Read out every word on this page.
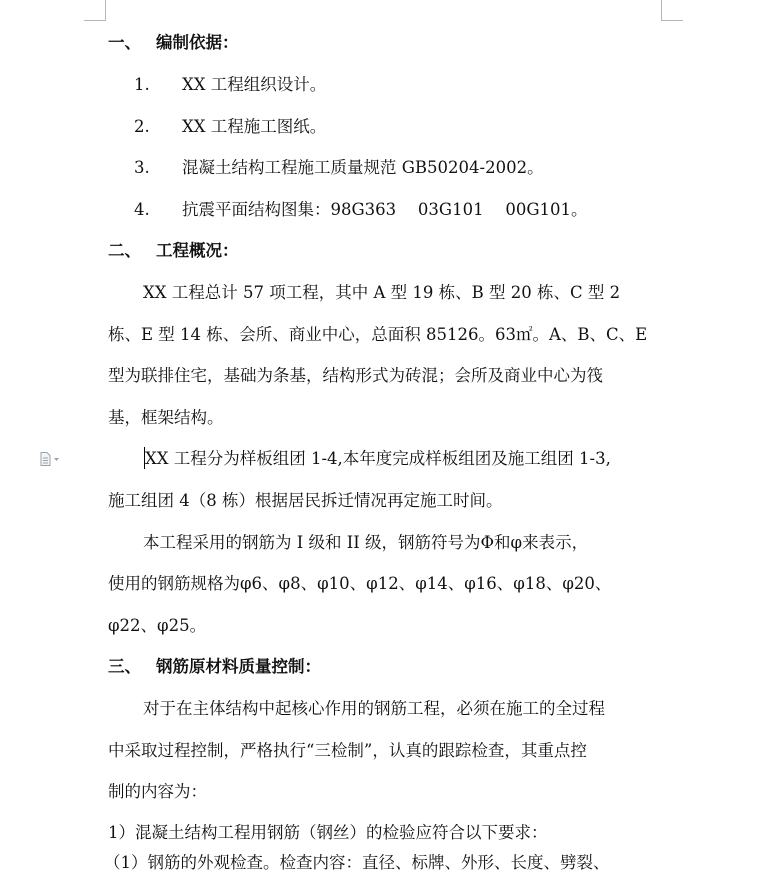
一、 编制依据：
1. XX 工程组织设计。
2. XX 工程施工图纸。
3. 混凝土结构工程施工质量规范 GB50204-2002。
4. 抗震平面结构图集：98G363　 03G101　 00G101。
二、 工程概况：
XX 工程总计 57 项工程，其中 A 型 19 栋、B 型 20 栋、C 型 2
栋、E 型 14 栋、会所、商业中心，总面积 85126。63㎡。A、B、C、E
型为联排住宅，基础为条基，结构形式为砖混；会所及商业中心为筏
基，框架结构。
XX 工程分为样板组团 1-4,本年度完成样板组团及施工组团 1-3,
施工组团 4（8 栋）根据居民拆迁情况再定施工时间。
本工程采用的钢筋为 I 级和 II 级，钢筋符号为Φ和φ来表示，
使用的钢筋规格为φ6、φ8、φ10、φ12、φ14、φ16、φ18、φ20、
φ22、φ25。
三、 钢筋原材料质量控制：
对于在主体结构中起核心作用的钢筋工程，必须在施工的全过程
中采取过程控制，严格执行“三检制”，认真的跟踪检查，其重点控
制的内容为：
1）混凝土结构工程用钢筋（钢丝）的检验应符合以下要求：
（1）钢筋的外观检查。检查内容：直径、标牌、外形、长度、劈裂、
